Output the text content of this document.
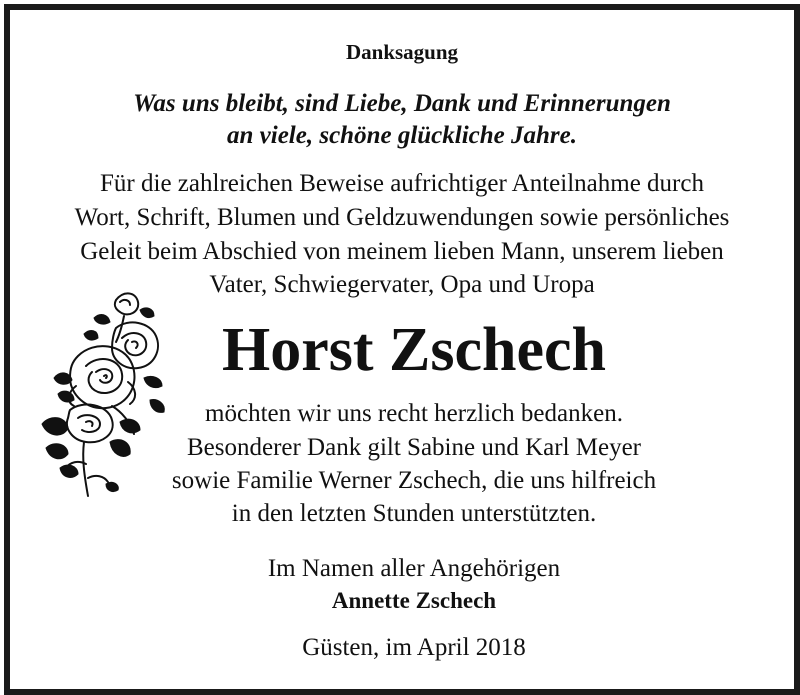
Danksagung
Was uns bleibt, sind Liebe, Dank und Erinnerungen
an viele, schöne glückliche Jahre.
Für die zahlreichen Beweise aufrichtiger Anteilnahme durch
Wort, Schrift, Blumen und Geldzuwendungen sowie persönliches
Geleit beim Abschied von meinem lieben Mann, unserem lieben
Vater, Schwiegervater, Opa und Uropa
Horst Zschech
möchten wir uns recht herzlich bedanken.
Besonderer Dank gilt Sabine und Karl Meyer
sowie Familie Werner Zschech, die uns hilfreich
in den letzten Stunden unterstützten.
Im Namen aller Angehörigen
Annette Zschech
Güsten, im April 2018
